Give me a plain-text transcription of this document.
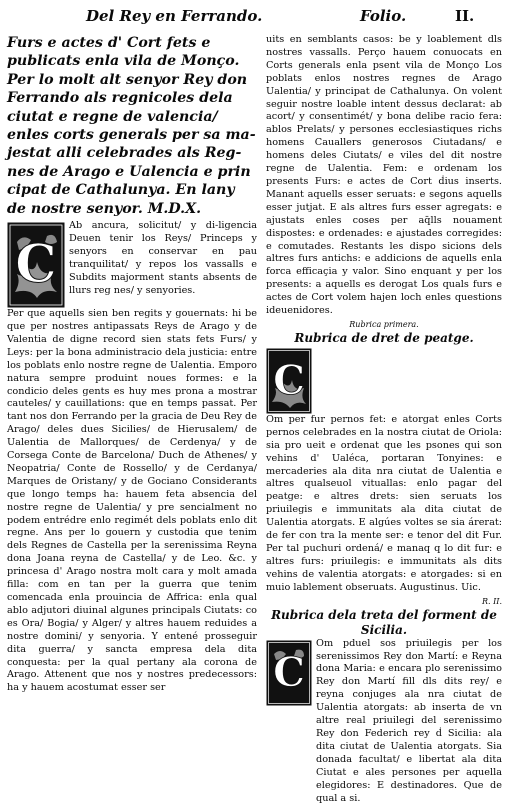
Del Rey en Ferrando.	Folio.	II.

Furs e actes d' Cort fets e publicats enla vila de Monço. Per lo molt alt senyor Rey don Ferrando als regnicoles dela ciutat e regne de valencia/ enles corts generals per sa ma-jestat alli celebrades als Reg-nes de Arago e Ualencia e prin cipat de Cathalunya. En lany de nostre senyor. M.D.X.

C
Ab ancura, solicitut/ y di-ligencia Deuen tenir los Reys/ Princeps y senyors en conservar en pau tranquilitat/ y repos los vassalls e Subdits majorment stants absents de llurs reg nes/ y senyories.

Per que aquells sien ben regits y gouernats: hi be que per nostres antipassats Reys de Arago y de Valentia de digne record sien stats fets Furs/ y Leys: per la bona administracio dela justicia: entre los poblats enlo nostre regne de Ualentia. Emporo natura sempre produint noues formes: e la condicio deles gents es huy mes prona a mostrar cauteles/ y cauillations: que en temps passat. Per tant nos don Ferrando per la gracia de Deu Rey de Arago/ deles dues Sicilies/ de Hierusalem/ de Ualentia de Mallorques/ de Cerdenya/ y de Corsega Conte de Barcelona/ Duch de Athenes/ y Neopatria/ Conte de Rossello/ y de Cerdanya/ Marques de Oristany/ y de Gociano Considerants que longo temps ha: hauem feta absencia del nostre regne de Ualentia/ y pre sencialment no podem entrédre enlo regimét dels poblats enlo dit regne. Ans per lo gouern y custodia que tenim dels Regnes de Castella per la serenissima Reyna dona Joana reyna de Castella/ y de Leo. &c. y princesa d' Arago nostra molt cara y molt amada filla: com en tan per la guerra que tenim comencada enla prouincia de Affrica: enla qual ablo adjutori diuinal algunes principals Ciutats: co es Ora/ Bogia/ y Alger/ y altres hauem reduides a nostre domini/ y senyoria. Y entené prosseguir dita guerra/ y sancta empresa dela dita conquesta: per la qual pertany ala corona de Arago. Attenent que nos y nostres predecessors: ha y hauem acostumat esser ser

uits en semblants casos: be y loablement dls nostres vassalls. Perço hauem conuocats en Corts generals enla psent vila de Monço Los poblats enlos nostres regnes de Arago Ualentia/ y principat de Cathalunya. On volent seguir nostre loable intent dessus declarat: ab acort/ y consentimét/ y bona delibe racio fera: ablos Prelats/ y persones ecclesiastiques richs homens Cauallers generosos Ciutadans/ e homens deles Ciutats/ e viles del dit nostre regne de Ualentia. Fem: e ordenam los presents Furs: e actes de Cort ḋius inserts. Manant aquells esser seruats: e segons aquells esser jutjat. E als altres furs esser agregats: e ajustats enles coses per aq̄lls nouament dispostes: e ordenades: e ajustades corregides: e comutades. Restants les dispo sicions dels altres furs antichs: e addicions de aquells enla forca efficaçia y valor. Sino enquant y per los presents: a aquells es derogat Los quals furs e actes de Cort volem hajen loch enles questions ideuenidores.

Rubrica primera.

Rubrica de dret de peatge.

C

Om per fur pernos fet: e atorgat enles Corts pernos celebrades en la nostra ciutat de Oriola: sia pro ueit e ordenat que les psones qui son vehins d' Ualéca, portaran Tonyines: e mercaderies ala dita nra ciutat de Ualentia e altres qualseuol vituallas: enlo pagar del peatge: e altres drets: sien seruats los priuilegis e immunitats ala dita ciutat de Ualentia atorgats. E algúes voltes se sia árerat: de fer con tra la mente ser: e tenor del dit Fur. Per tal puchuri ordená/ e manaq q lo dit fur: e altres furs: priuilegis: e immunitats als dits vehins de valentia atorgats: e atorgades: si en muio lablement obseruats. Augustinus. Uic.

R. II.

Rubrica dela treta del forment de Sicilia.

C
Om pduel sos priuilegis per los serenissimos Rey don Martí: e Reyna dona Maria: e encara plo serenissimo Rey don Martí fill dls dits rey/ e reyna conjuges ala nra ciutat de Ualentia atorgats: ab inserta de vn altre real priuilegi del serenissimo Rey don Federich rey ḋ Sicilia: ala dita ciutat de Ualentia atorgats. Sia donada facultat/ e libertat ala dita Ciutat e ales persones per aquella elegidores: E destinadores. Que de qual a si.
